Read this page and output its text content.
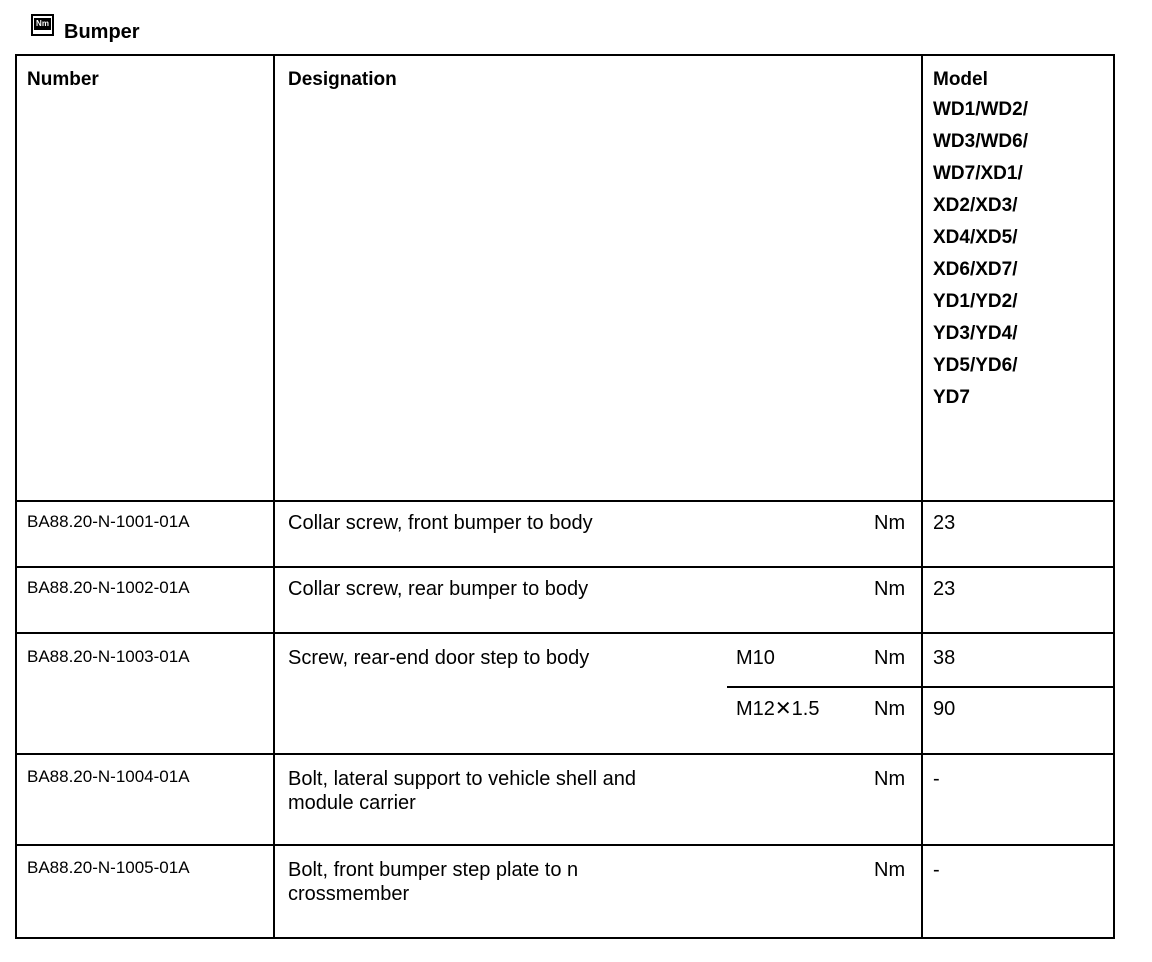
Nm Bumper
Number	Designation	Model
WD1/WD2/
WD3/WD6/
WD7/XD1/
XD2/XD3/
XD4/XD5/
XD6/XD7/
YD1/YD2/
YD3/YD4/
YD5/YD6/
YD7
BA88.20-N-1001-01A	Collar screw, front bumper to body	Nm 23
BA88.20-N-1002-01A	Collar screw, rear bumper to body	Nm 23
BA88.20-N-1003-01A	Screw, rear-end door step to body	M10	Nm 38
M12✕1.5	Nm 90
BA88.20-N-1004-01A	Bolt, lateral support to vehicle shell and
module carrier
Nm -
BA88.20-N-1005-01A	Bolt, front bumper step plate to n
crossmember
Nm -
